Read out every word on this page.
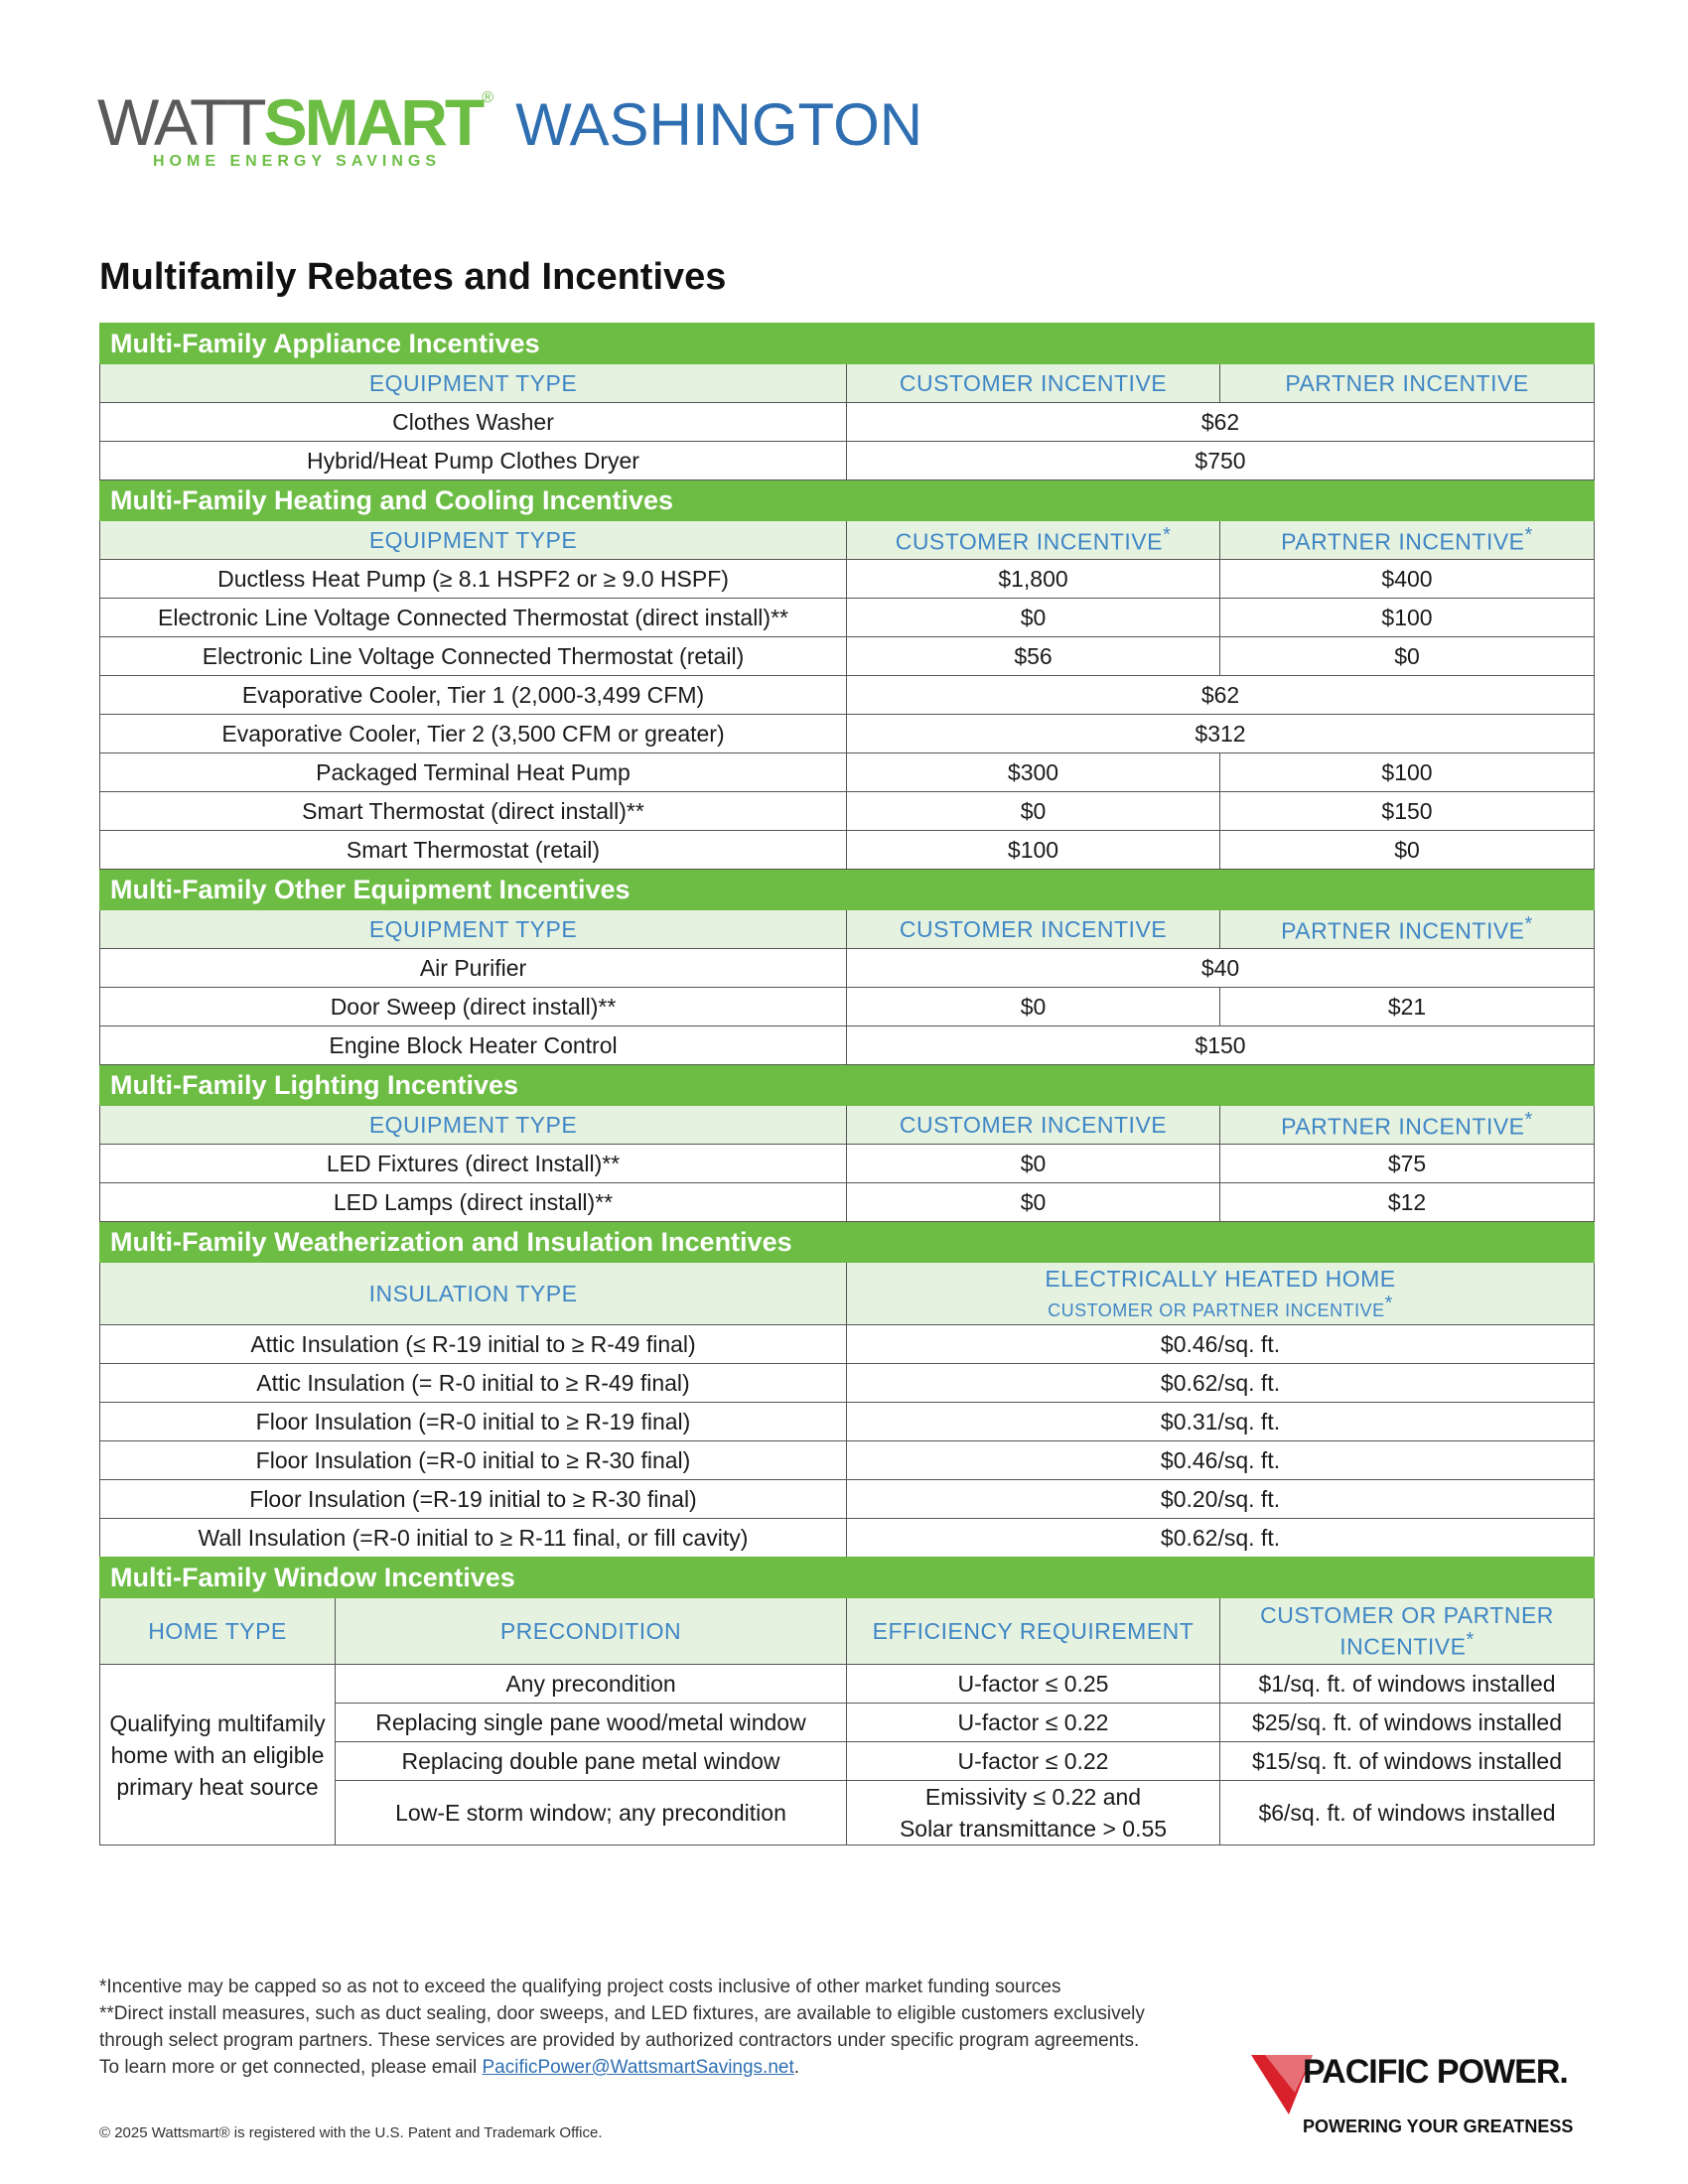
WATTSMART® WASHINGTON
HOME ENERGY SAVINGS
Multifamily Rebates and Incentives
Multi-Family Appliance Incentives		
EQUIPMENT TYPE	CUSTOMER INCENTIVE	PARTNER INCENTIVE
Clothes Washer	$62	
Hybrid/Heat Pump Clothes Dryer	$750	
Multi-Family Heating and Cooling Incentives		
EQUIPMENT TYPE	CUSTOMER INCENTIVE*	PARTNER INCENTIVE*
Ductless Heat Pump (≥ 8.1 HSPF2 or ≥ 9.0 HSPF)	$1,800	$400
Electronic Line Voltage Connected Thermostat (direct install)**	$0	$100
Electronic Line Voltage Connected Thermostat (retail)	$56	$0
Evaporative Cooler, Tier 1 (2,000-3,499 CFM)	$62	
Evaporative Cooler, Tier 2 (3,500 CFM or greater)	$312	
Packaged Terminal Heat Pump	$300	$100
Smart Thermostat (direct install)**	$0	$150
Smart Thermostat (retail)	$100	$0
Multi-Family Other Equipment Incentives		
EQUIPMENT TYPE	CUSTOMER INCENTIVE	PARTNER INCENTIVE*
Air Purifier	$40	
Door Sweep (direct install)**	$0	$21
Engine Block Heater Control	$150	
Multi-Family Lighting Incentives		
EQUIPMENT TYPE	CUSTOMER INCENTIVE	PARTNER INCENTIVE*
LED Fixtures (direct Install)**	$0	$75
LED Lamps (direct install)**	$0	$12
Multi-Family Weatherization and Insulation Incentives		
INSULATION TYPE	ELECTRICALLY HEATED HOME
CUSTOMER OR PARTNER INCENTIVE*

Attic Insulation (≤ R-19 initial to ≥ R-49 final)	$0.46/sq. ft.	
Attic Insulation (= R-0 initial to ≥ R-49 final)	$0.62/sq. ft.	
Floor Insulation (=R-0 initial to ≥ R-19 final)	$0.31/sq. ft.	
Floor Insulation (=R-0 initial to ≥ R-30 final)	$0.46/sq. ft.	
Floor Insulation (=R-19 initial to ≥ R-30 final)	$0.20/sq. ft.	
Wall Insulation (=R-0 initial to ≥ R-11 final, or fill cavity)	$0.62/sq. ft.	
Multi-Family Window Incentives			
HOME TYPE	PRECONDITION	EFFICIENCY REQUIREMENT	CUSTOMER OR PARTNER INCENTIVE*
Qualifying multifamily home with an eligible primary heat source	Any precondition	U-factor ≤ 0.25	$1/sq. ft. of windows installed
	Replacing single pane wood/metal window	U-factor ≤ 0.22	$25/sq. ft. of windows installed
	Replacing double pane metal window	U-factor ≤ 0.22	$15/sq. ft. of windows installed
	Low-E storm window; any precondition	Emissivity ≤ 0.22 and
Solar transmittance > 0.55	$6/sq. ft. of windows installed
*Incentive may be capped so as not to exceed the qualifying project costs inclusive of other market funding sources
**Direct install measures, such as duct sealing, door sweeps, and LED fixtures, are available to eligible customers exclusively
through select program partners. These services are provided by authorized contractors under specific program agreements.
To learn more or get connected, please email PacificPower@WattsmartSavings.net.
© 2025 Wattsmart® is registered with the U.S. Patent and Trademark Office.
PACIFIC POWER.
POWERING YOUR GREATNESS
